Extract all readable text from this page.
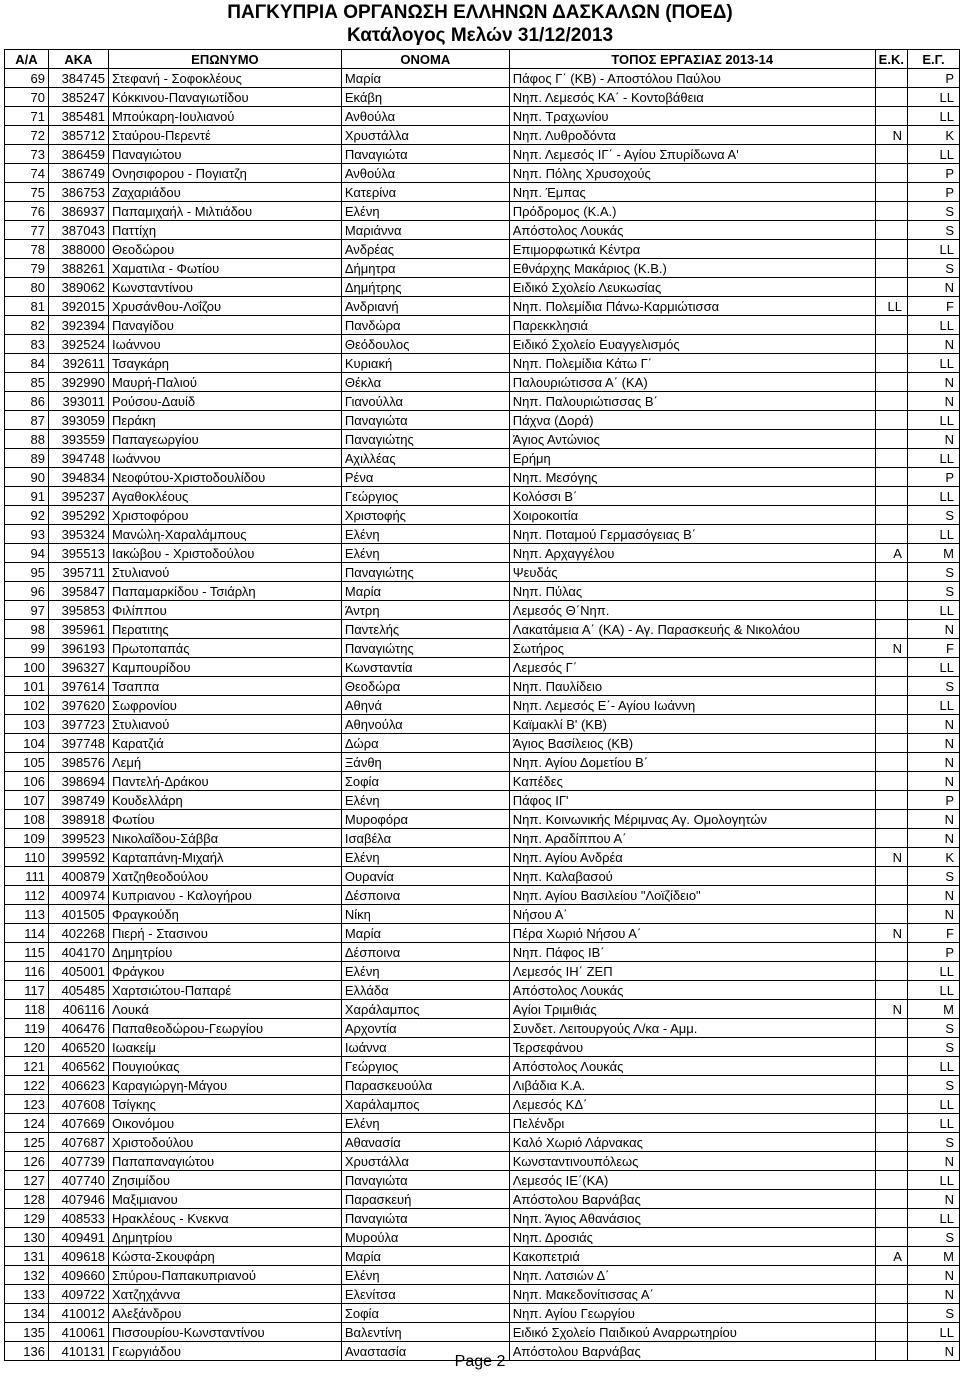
ΠΑΓΚΥΠΡΙΑ ΟΡΓΑΝΩΣΗ ΕΛΛΗΝΩΝ ΔΑΣΚΑΛΩΝ (ΠΟΕΔ)
Κατάλογος Μελών 31/12/2013
Α/Α	ΑΚΑ	ΕΠΩΝΥΜΟ	ΟΝΟΜΑ	ΤΟΠΟΣ ΕΡΓΑΣΙΑΣ 2013-14	Ε.Κ.	Ε.Γ.
69	384745	Στεφανή - Σοφοκλέους	Μαρία	Πάφος Γ΄ (ΚΒ) - Αποστόλου Παύλου		P
70	385247	Κόκκινου-Παναγιωτίδου	Εκάβη	Νηπ. Λεμεσός ΚΑ΄ - Κοντοβάθεια		LL
71	385481	Μπούκαρη-Ιουλιανού	Ανθούλα	Νηπ. Τραχωνίου		LL
72	385712	Σταύρου-Περεντέ	Χρυστάλλα	Νηπ. Λυθροδόντα	N	K
73	386459	Παναγιώτου	Παναγιώτα	Νηπ. Λεμεσός ΙΓ΄ - Αγίου Σπυρίδωνα Α'		LL
74	386749	Ονησιφορου - Πογιατζη	Ανθούλα	Νηπ. Πόλης Χρυσοχούς		P
75	386753	Ζαχαριάδου	Κατερίνα	Νηπ. Έμπας		P
76	386937	Παπαμιχαήλ - Μιλτιάδου	Ελένη	Πρόδρομος (Κ.Α.)		S
77	387043	Παττίχη	Μαριάννα	Απόστολος Λουκάς		S
78	388000	Θεοδώρου	Ανδρέας	Επιμορφωτικά Κέντρα		LL
79	388261	Χαματιλα - Φωτίου	Δήμητρα	Εθνάρχης Μακάριος (Κ.Β.)		S
80	389062	Κωνσταντίνου	Δημήτρης	Ειδικό Σχολείο Λευκωσίας		N
81	392015	Χρυσάνθου-Λοΐζου	Ανδριανή	Νηπ. Πολεμίδια Πάνω-Καρμιώτισσα	LL	F
82	392394	Παναγίδου	Πανδώρα	Παρεκκλησιά		LL
83	392524	Ιωάννου	Θεόδουλος	Ειδικό Σχολείο Ευαγγελισμός		N
84	392611	Τσαγκάρη	Κυριακή	Νηπ. Πολεμίδια Κάτω Γ΄		LL
85	392990	Μαυρή-Παλιού	Θέκλα	Παλουριώτισσα Α΄ (ΚΑ)		N
86	393011	Ρούσου-Δαυίδ	Γιανούλλα	Νηπ. Παλουριώτισσας Β΄		N
87	393059	Περάκη	Παναγιώτα	Πάχνα (Δορά)		LL
88	393559	Παπαγεωργίου	Παναγιώτης	Άγιος Αντώνιος		N
89	394748	Ιωάννου	Αχιλλέας	Ερήμη		LL
90	394834	Νεοφύτου-Χριστοδουλίδου	Ρένα	Νηπ. Μεσόγης		P
91	395237	Αγαθοκλέους	Γεώργιος	Κολόσσι Β΄		LL
92	395292	Χριστοφόρου	Χριστοφής	Χοιροκοιτία		S
93	395324	Μανώλη-Χαραλάμπους	Ελένη	Νηπ. Ποταμού Γερμασόγειας Β΄		LL
94	395513	Ιακώβου - Χριστοδούλου	Ελένη	Νηπ. Αρχαγγέλου	A	M
95	395711	Στυλιανού	Παναγιώτης	Ψευδάς		S
96	395847	Παπαμαρκίδου - Τσιάρλη	Μαρία	Νηπ. Πύλας		S
97	395853	Φιλίππου	Άντρη	Λεμεσός Θ΄Νηπ.		LL
98	395961	Περατιτης	Παντελής	Λακατάμεια Α΄ (ΚΑ) - Αγ. Παρασκευής & Νικολάου		N
99	396193	Πρωτοπαπάς	Παναγιώτης	Σωτήρος	N	F
100	396327	Καμπουρίδου	Κωνσταντία	Λεμεσός Γ΄		LL
101	397614	Τσαππα	Θεοδώρα	Νηπ. Παυλίδειο		S
102	397620	Σωφρονίου	Αθηνά	Νηπ. Λεμεσός Ε΄- Αγίου Ιωάννη		LL
103	397723	Στυλιανού	Αθηνούλα	Καϊμακλί Β' (ΚΒ)		N
104	397748	Καρατζιά	Δώρα	Άγιος Βασίλειος (ΚΒ)		N
105	398576	Λεμή	Ξάνθη	Νηπ. Αγίου Δομετίου Β΄		N
106	398694	Παντελή-Δράκου	Σοφία	Καπέδες		N
107	398749	Κουδελλάρη	Ελένη	Πάφος ΙΓ'		P
108	398918	Φωτίου	Μυροφόρα	Νηπ. Κοινωνικής Μέριμνας Αγ. Ομολογητών		N
109	399523	Νικολαΐδου-Σάββα	Ισαβέλα	Νηπ. Αραδίππου Α΄		N
110	399592	Καρταπάνη-Μιχαήλ	Ελένη	Νηπ. Αγίου Ανδρέα	N	K
111	400879	Χατζηθεοδούλου	Ουρανία	Νηπ. Καλαβασού		S
112	400974	Κυπριανου - Καλογήρου	Δέσποινα	Νηπ. Αγίου Βασιλείου "Λοϊζίδειο"		N
113	401505	Φραγκούδη	Νίκη	Νήσου Α΄		N
114	402268	Πιερή - Στασινου	Μαρία	Πέρα Χωριό Νήσου Α΄	N	F
115	404170	Δημητρίου	Δέσποινα	Νηπ. Πάφος ΙΒ΄		P
116	405001	Φράγκου	Ελένη	Λεμεσός ΙΗ΄ ΖΕΠ		LL
117	405485	Χαρτσιώτου-Παπαρέ	Ελλάδα	Απόστολος Λουκάς		LL
118	406116	Λουκά	Χαράλαμπος	Αγίοι Τριμιθιάς	N	M
119	406476	Παπαθεοδώρου-Γεωργίου	Αρχοντία	Συνδετ. Λειτουργούς Λ/κα - Αμμ.		S
120	406520	Ιωακείμ	Ιωάννα	Τερσεφάνου		S
121	406562	Πουγιούκας	Γεώργιος	Απόστολος Λουκάς		LL
122	406623	Καραγιώργη-Μάγου	Παρασκευούλα	Λιβάδια Κ.Α.		S
123	407608	Τσίγκης	Χαράλαμπος	Λεμεσός ΚΔ΄		LL
124	407669	Οικονόμου	Ελένη	Πελένδρι		LL
125	407687	Χριστοδούλου	Αθανασία	Καλό Χωριό Λάρνακας		S
126	407739	Παπαπαναγιώτου	Χρυστάλλα	Κωνσταντινουπόλεως		N
127	407740	Ζησιμίδου	Παναγιώτα	Λεμεσός ΙΕ΄(ΚΑ)		LL
128	407946	Μαξιμιανου	Παρασκευή	Απόστολου Βαρνάβας		N
129	408533	Ηρακλέους - Κνεκνα	Παναγιώτα	Νηπ. Άγιος Αθανάσιος		LL
130	409491	Δημητρίου	Μυρούλα	Νηπ. Δροσιάς		S
131	409618	Κώστα-Σκουφάρη	Μαρία	Κακοπετριά	A	M
132	409660	Σπύρου-Παπακυπριανού	Ελένη	Νηπ. Λατσιών Δ΄		N
133	409722	Χατζηχάννα	Ελενίτσα	Νηπ. Μακεδονίτισσας Α΄		N
134	410012	Αλεξάνδρου	Σοφία	Νηπ. Αγίου Γεωργίου		S
135	410061	Πισσουρίου-Κωνσταντίνου	Βαλεντίνη	Ειδικό Σχολείο Παιδικού Αναρρωτηρίου		LL
136	410131	Γεωργιάδου	Αναστασία	Απόστολου Βαρνάβας		N
Page 2
